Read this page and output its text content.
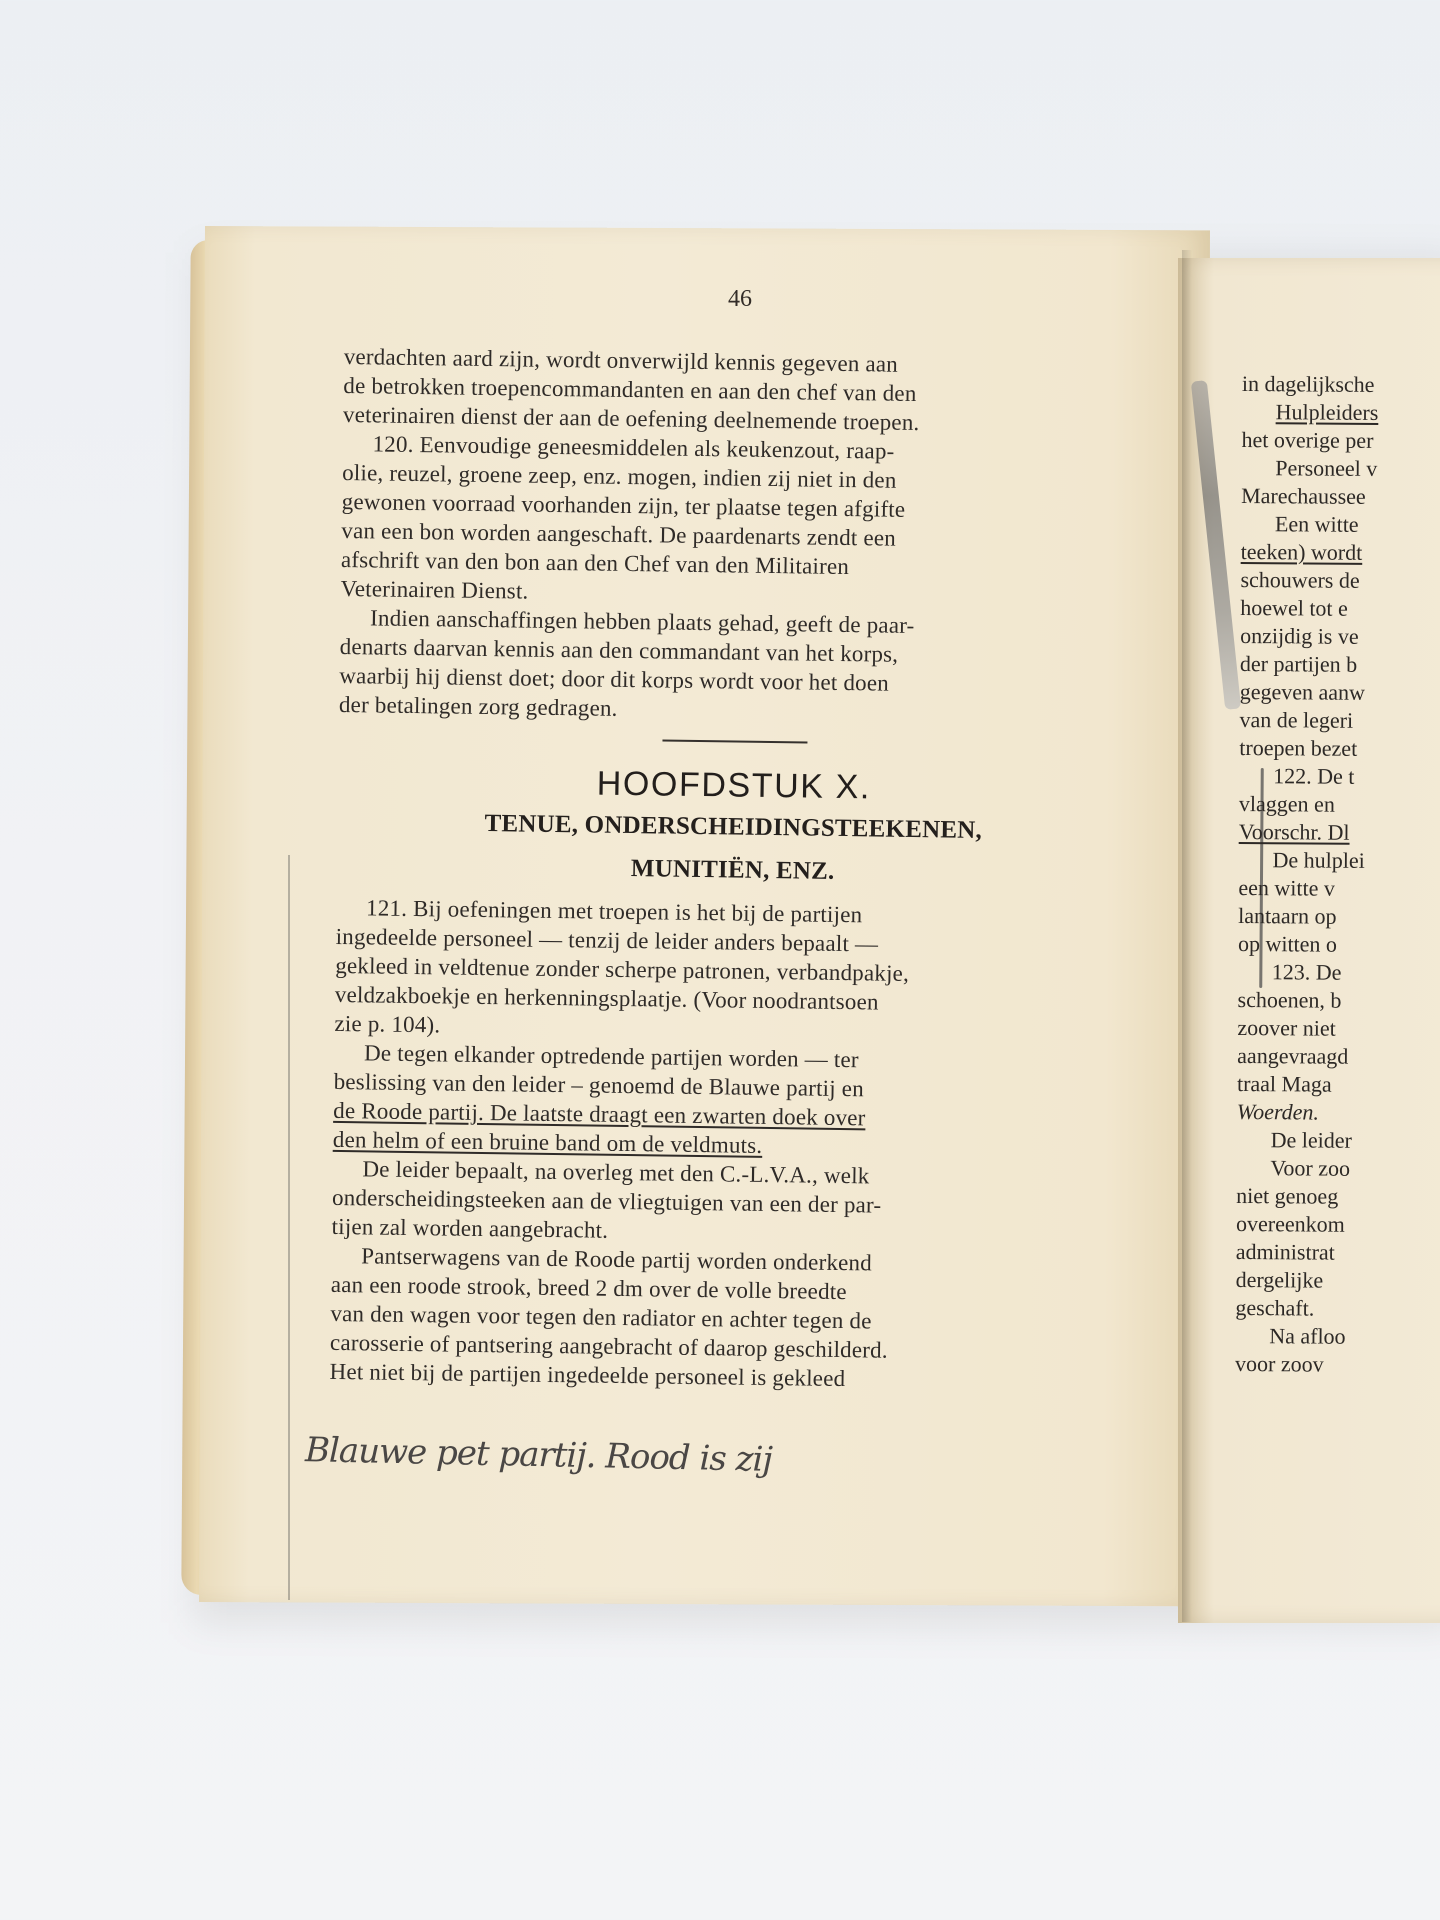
46
verdachten aard zijn, wordt onverwijld kennis gegeven aan
de betrokken troepencommandanten en aan den chef van den
veterinairen dienst der aan de oefening deelnemende troepen.
120. Eenvoudige geneesmiddelen als keukenzout, raap-
olie, reuzel, groene zeep, enz. mogen, indien zij niet in den
gewonen voorraad voorhanden zijn, ter plaatse tegen afgifte
van een bon worden aangeschaft. De paardenarts zendt een
afschrift van den bon aan den Chef van den Militairen
Veterinairen Dienst.
Indien aanschaffingen hebben plaats gehad, geeft de paar-
denarts daarvan kennis aan den commandant van het korps,
waarbij hij dienst doet; door dit korps wordt voor het doen
der betalingen zorg gedragen.
HOOFDSTUK X.
TENUE, ONDERSCHEIDINGSTEEKENEN,
MUNITIËN, ENZ.
121. Bij oefeningen met troepen is het bij de partijen
ingedeelde personeel — tenzij de leider anders bepaalt —
gekleed in veldtenue zonder scherpe patronen, verbandpakje,
veldzakboekje en herkenningsplaatje. (Voor noodrantsoen
zie p. 104).
De tegen elkander optredende partijen worden — ter
beslissing van den leider – genoemd de Blauwe partij en
de Roode partij. De laatste draagt een zwarten doek over
den helm of een bruine band om de veldmuts.
De leider bepaalt, na overleg met den C.-L.V.A., welk
onderscheidingsteeken aan de vliegtuigen van een der par-
tijen zal worden aangebracht.
Pantserwagens van de Roode partij worden onderkend
aan een roode strook, breed 2 dm over de volle breedte
van den wagen voor tegen den radiator en achter tegen de
carosserie of pantsering aangebracht of daarop geschilderd.
Het niet bij de partijen ingedeelde personeel is gekleed
Blauwe pet partij. Rood is zij
in dagelijksche
Hulpleiders
het overige per
Personeel v
Marechaussee
Een witte
teeken) wordt
schouwers de
hoewel tot e
onzijdig is ve
der partijen b
gegeven aanw
van de legeri
troepen bezet
122. De t
vlaggen en
Voorschr. Dl
De hulplei
een witte v
lantaarn op
op witten o
123. De
schoenen, b
zoover niet
aangevraagd
traal Maga
Woerden.
De leider
Voor zoo
niet genoeg
overeenkom
administrat
dergelijke
geschaft.
Na afloo
voor zoov
